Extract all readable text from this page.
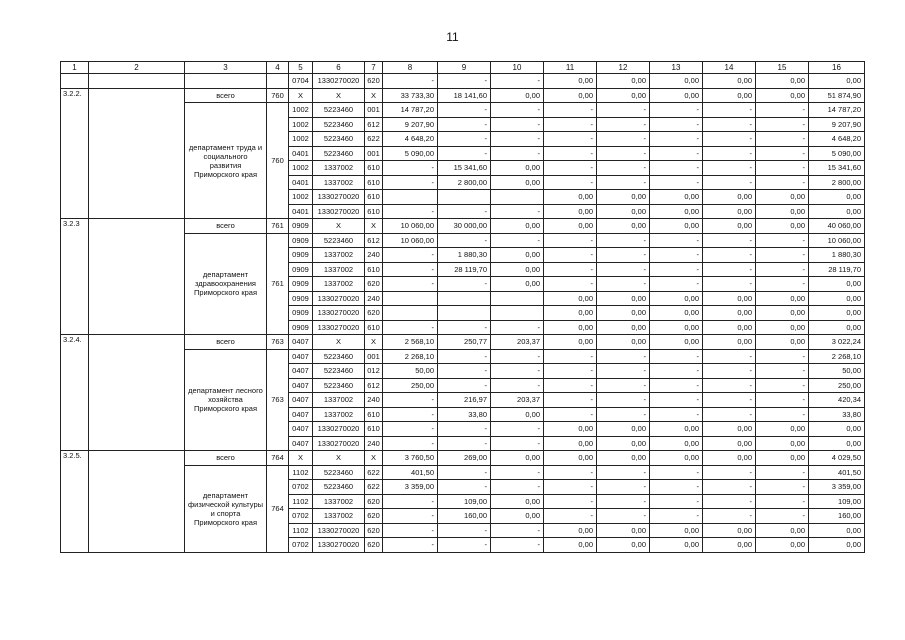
11
1	2	3	4	5	6	7	8	9	10	11	12	13	14	15	16
				0704	1330270020	620	-	-	-	0,00	0,00	0,00	0,00	0,00	0,00
3.2.2.		всего	760	X	X	X	33 733,30	18 141,60	0,00	0,00	0,00	0,00	0,00	0,00	51 874,90
		департамент труда и социального развития Приморского края	760	1002	5223460	001	14 787,20	-	-	-	-	-	-	-	14 787,20
				1002	5223460	612	9 207,90	-	-	-	-	-	-	-	9 207,90
				1002	5223460	622	4 648,20	-	-	-	-	-	-	-	4 648,20
				0401	5223460	001	5 090,00	-	-	-	-	-	-	-	5 090,00
				1002	1337002	610	-	15 341,60	0,00	-	-	-	-	-	15 341,60
				0401	1337002	610	-	2 800,00	0,00	-	-	-	-	-	2 800,00
				1002	1330270020	610				0,00	0,00	0,00	0,00	0,00	0,00
				0401	1330270020	610	-	-	-	0,00	0,00	0,00	0,00	0,00	0,00
3.2.3		всего	761	0909	X	X	10 060,00	30 000,00	0,00	0,00	0,00	0,00	0,00	0,00	40 060,00
		департамент здравоохранения Приморского края	761	0909	5223460	612	10 060,00	-	-	-	-	-	-	-	10 060,00
				0909	1337002	240	-	1 880,30	0,00	-	-	-	-	-	1 880,30
				0909	1337002	610	-	28 119,70	0,00	-	-	-	-	-	28 119,70
				0909	1337002	620	-	-	0,00	-	-	-	-	-	0,00
				0909	1330270020	240				0,00	0,00	0,00	0,00	0,00	0,00
				0909	1330270020	620				0,00	0,00	0,00	0,00	0,00	0,00
				0909	1330270020	610	-	-	-	0,00	0,00	0,00	0,00	0,00	0,00
3.2.4.		всего	763	0407	X	X	2 568,10	250,77	203,37	0,00	0,00	0,00	0,00	0,00	3 022,24
		департамент лесного хозяйства Приморского края	763	0407	5223460	001	2 268,10	-	-	-	-	-	-	-	2 268,10
				0407	5223460	012	50,00	-	-	-	-	-	-	-	50,00
				0407	5223460	612	250,00	-	-	-	-	-	-	-	250,00
				0407	1337002	240	-	216,97	203,37	-	-	-	-	-	420,34
				0407	1337002	610	-	33,80	0,00	-	-	-	-	-	33,80
				0407	1330270020	610	-	-	-	0,00	0,00	0,00	0,00	0,00	0,00
				0407	1330270020	240	-	-	-	0,00	0,00	0,00	0,00	0,00	0,00
3.2.5.		всего	764	X	X	X	3 760,50	269,00	0,00	0,00	0,00	0,00	0,00	0,00	4 029,50
		департамент физической культуры и спорта Приморского края	764	1102	5223460	622	401,50	-	-	-	-	-	-	-	401,50
				0702	5223460	622	3 359,00	-	-	-	-	-	-	-	3 359,00
				1102	1337002	620	-	109,00	0,00	-	-	-	-	-	109,00
				0702	1337002	620	-	160,00	0,00	-	-	-	-	-	160,00
				1102	1330270020	620	-	-	-	0,00	0,00	0,00	0,00	0,00	0,00
				0702	1330270020	620	-	-	-	0,00	0,00	0,00	0,00	0,00	0,00
